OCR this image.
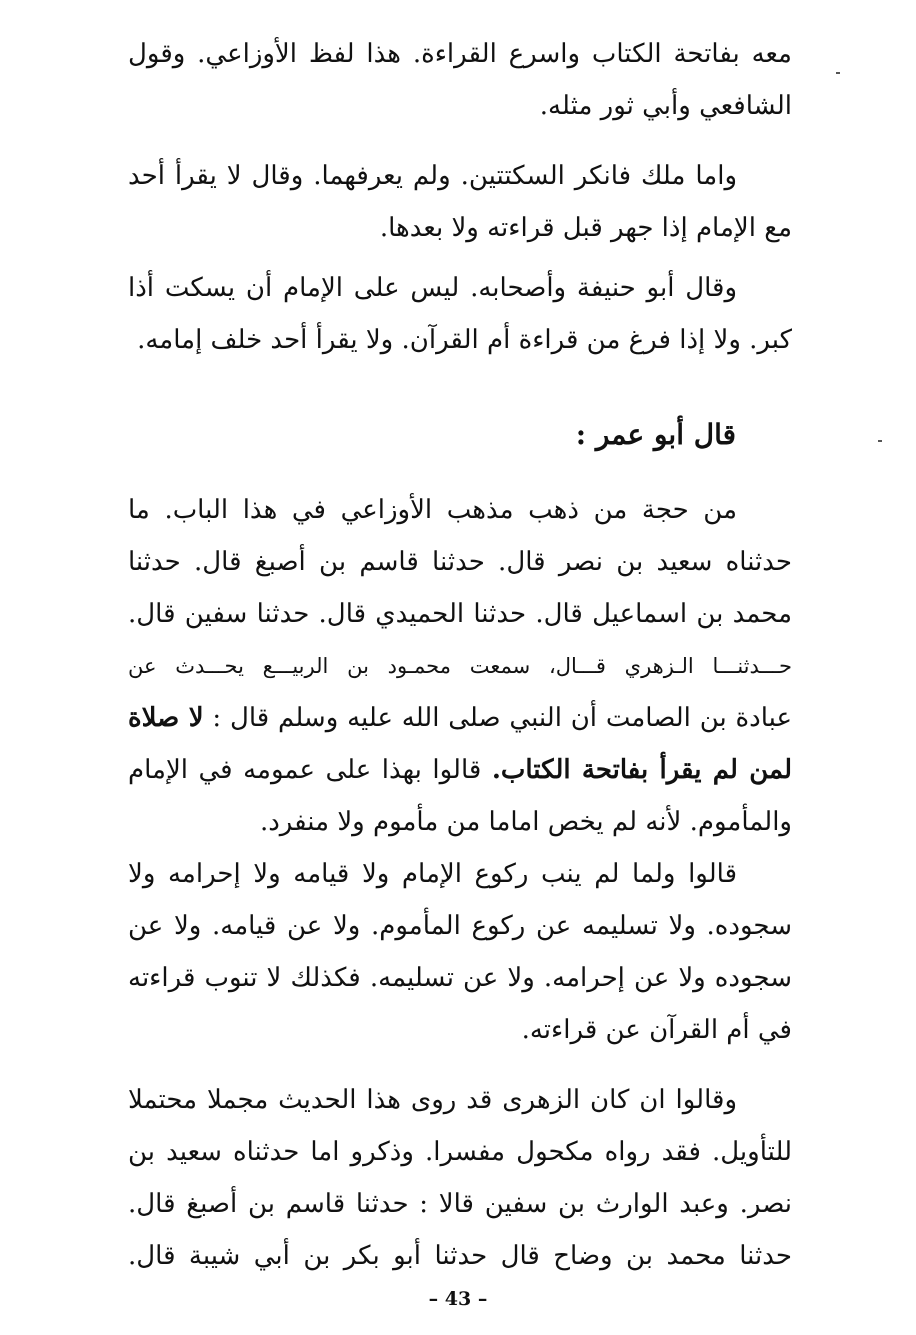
معه بفاتحة الكتاب واسرع القراءة. هذا لفظ الأوزاعي. وقول
الشافعي وأبي ثور مثله.
واما ملك فانكر السكتتين. ولم يعرفهما. وقال لا يقرأ أحد
مع الإمام إذا جهر قبل قراءته ولا بعدها.
وقال أبو حنيفة وأصحابه. ليس على الإمام أن يسكت أذا
كبر. ولا إذا فرغ من قراءة أم القرآن. ولا يقرأ أحد خلف إمامه.
قال أبو عمر :
من حجة من ذهب مذهب الأوزاعي في هذا الباب. ما
حدثناه سعيد بن نصر قال. حدثنا قاسم بن أصبغ قال. حدثنا
محمد بن اسماعيل قال. حدثنا الحميدي قال. حدثنا سفين قال.
حـــدثنـــا الـزهري قـــال، سمعت محمـود بن الربيـــع يحـــدث عن
عبادة بن الصامت أن النبي صلى الله عليه وسلم قال : لا صلاة
لمن لم يقرأ بفاتحة الكتاب. قالوا بهذا على عمومه في الإمام
والمأموم. لأنه لم يخص اماما من مأموم ولا منفرد.
قالوا ولما لم ينب ركوع الإمام ولا قيامه ولا إحرامه ولا
سجوده. ولا تسليمه عن ركوع المأموم. ولا عن قيامه. ولا عن
سجوده ولا عن إحرامه. ولا عن تسليمه. فكذلك لا تنوب قراءته
في أم القرآن عن قراءته.
وقالوا ان كان الزهرى قد روى هذا الحديث مجملا محتملا
للتأويل. فقد رواه مكحول مفسرا. وذكرو اما حدثناه سعيد بن
نصر. وعبد الوارث بن سفين قالا : حدثنا قاسم بن أصبغ قال.
حدثنا محمد بن وضاح قال حدثنا أبو بكر بن أبي شيبة قال.
– 43 –
